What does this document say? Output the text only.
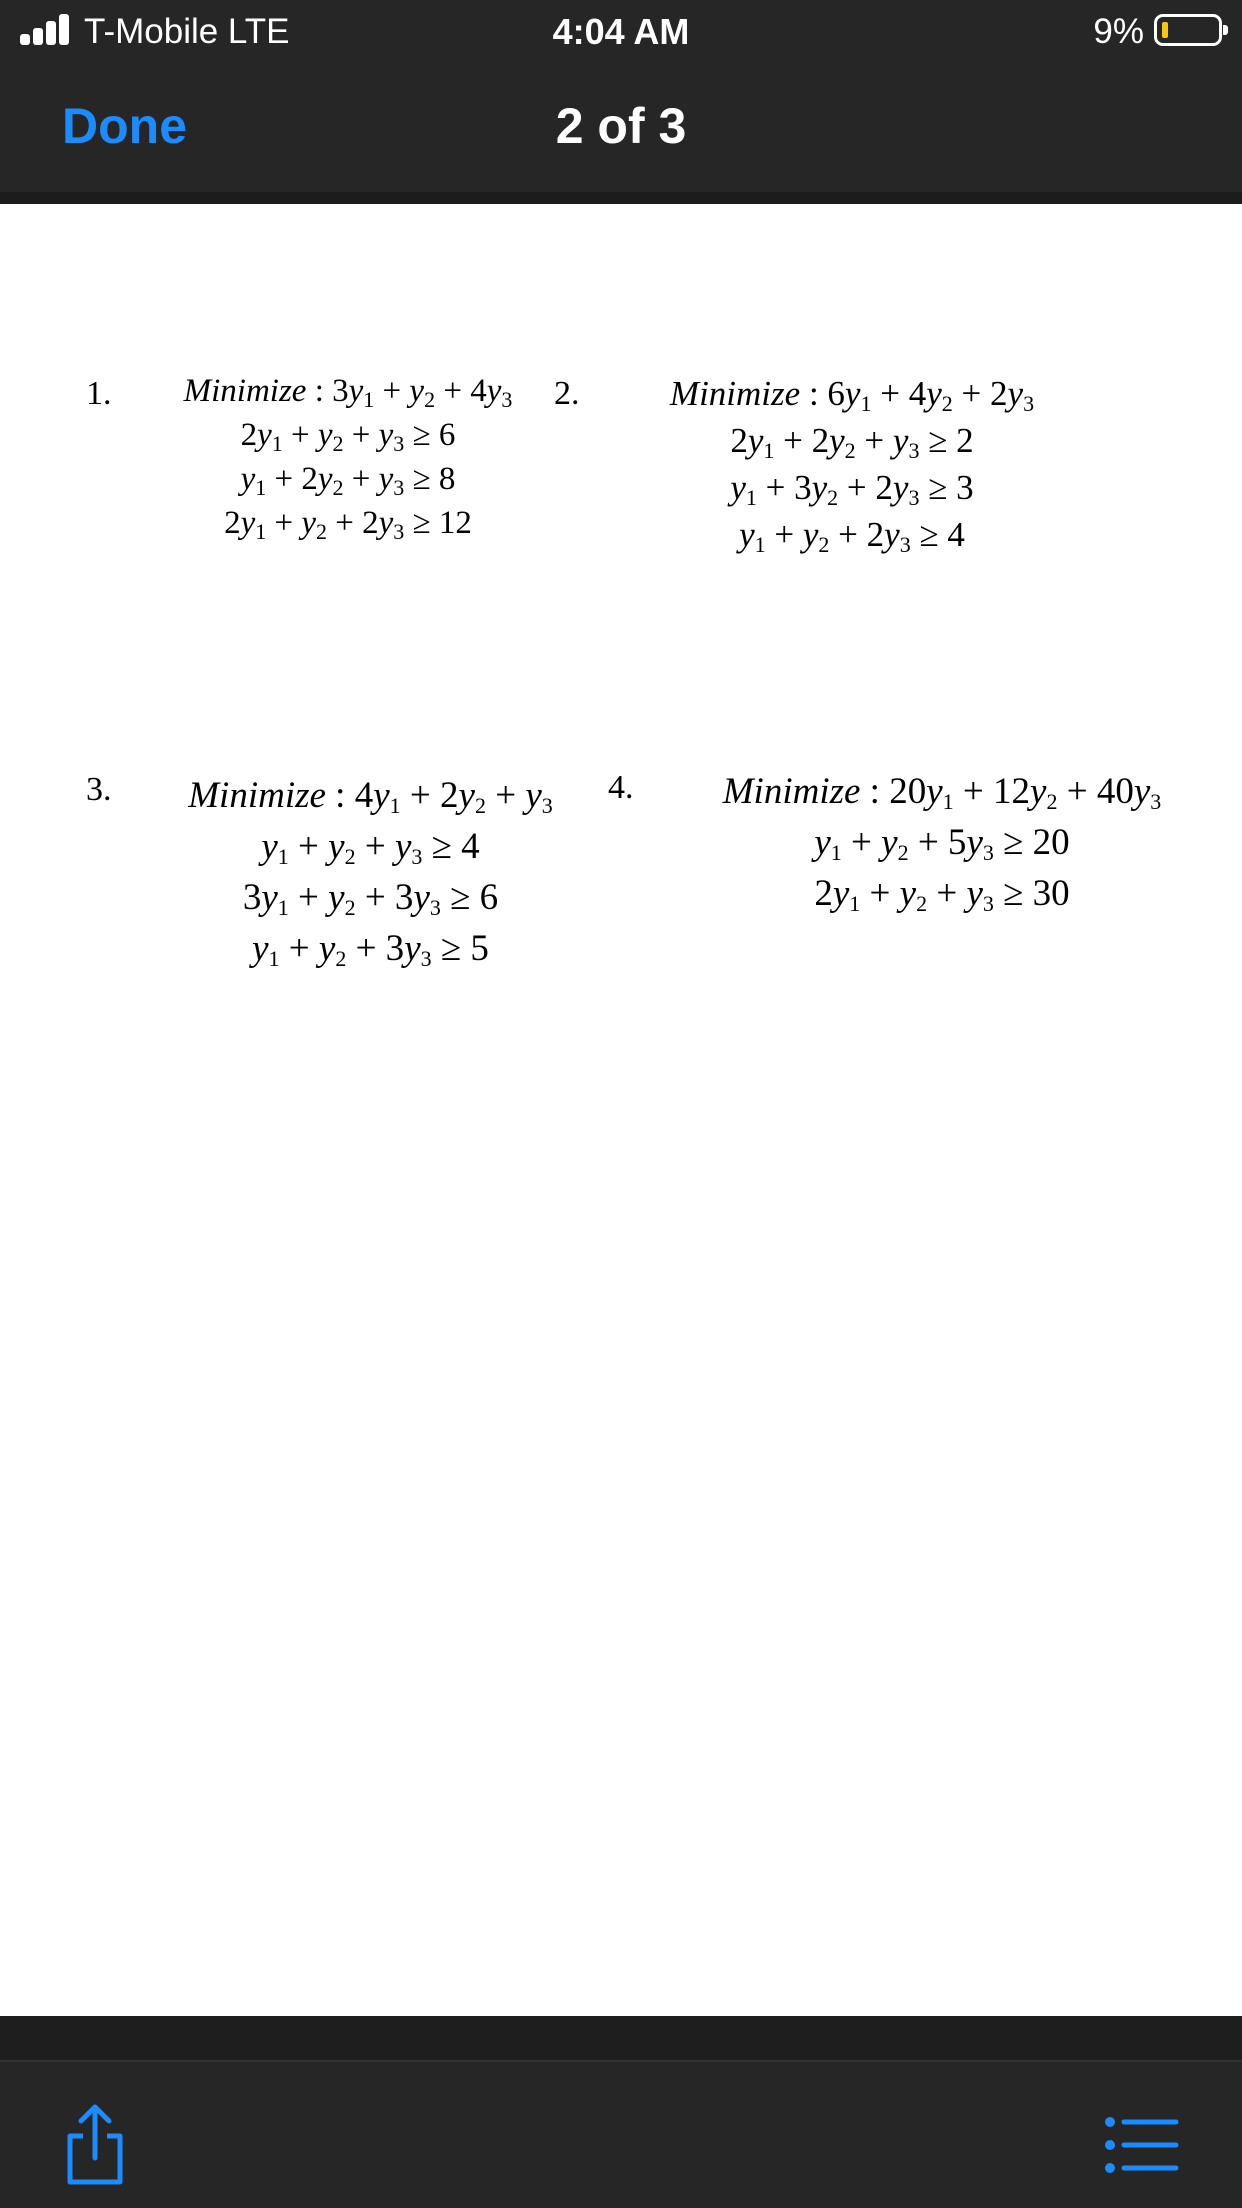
T-Mobile LTE	4:04 AM	9%
Done	2 of 3
1.	Minimize : $3y_1 + y_2 + 4y_3$
$2y_1 + y_2 + y_3 \ge 6$
$y_1 + 2y_2 + y_3 \ge 8$
$2y_1 + y_2 + 2y_3 \ge 12$
2.	Minimize : $6y_1 + 4y_2 + 2y_3$
$2y_1 + 2y_2 + y_3 \ge 2$
$y_1 + 3y_2 + 2y_3 \ge 3$
$y_1 + y_2 + 2y_3 \ge 4$
3.	Minimize : $4y_1 + 2y_2 + y_3$
$y_1 + y_2 + y_3 \ge 4$
$3y_1 + y_2 + 3y_3 \ge 6$
$y_1 + y_2 + 3y_3 \ge 5$
4.	Minimize : $20y_1 + 12y_2 + 40y_3$
$y_1 + y_2 + 5y_3 \ge 20$
$2y_1 + y_2 + y_3 \ge 30$
